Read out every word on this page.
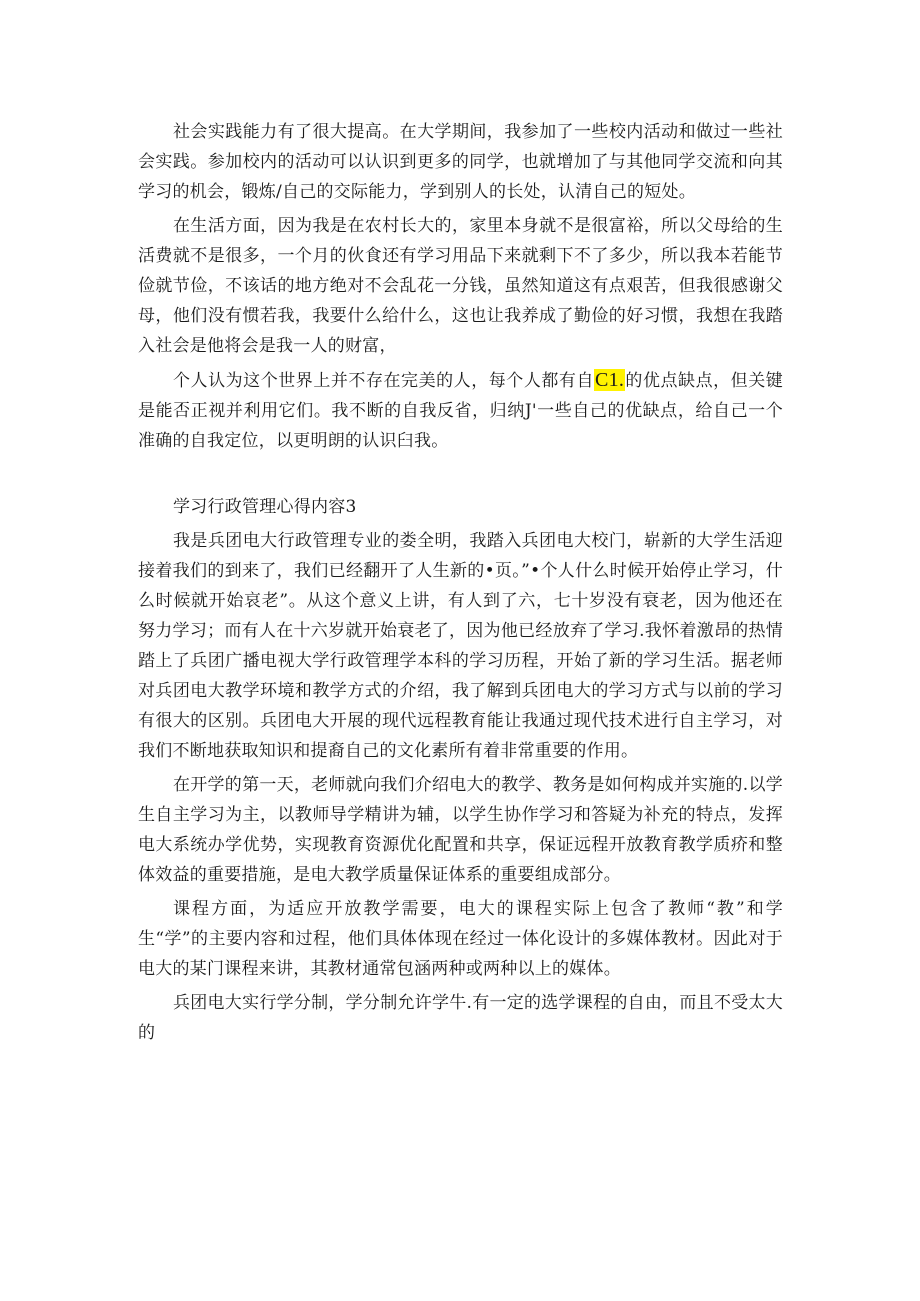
社会实践能力有了很大提高。在大学期间，我参加了一些校内活动和做过一些社会实践。参加校内的活动可以认识到更多的同学，也就增加了与其他同学交流和向其学习的机会，锻炼/自己的交际能力，学到别人的长处，认清自己的短处。

在生活方面，因为我是在农村长大的，家里本身就不是很富裕，所以父母给的生活费就不是很多，一个月的伙食还有学习用品下来就剩下不了多少，所以我本若能节俭就节俭，不该话的地方绝对不会乱花一分钱，虽然知道这有点艰苦，但我很感谢父母，他们没有惯若我，我要什么给什么，这也让我养成了勤俭的好习惯，我想在我踏入社会是他将会是我一人的财富，

个人认为这个世界上并不存在完美的人，每个人都有自C1.的优点缺点，但关键是能否正视并利用它们。我不断的自我反省，归纳J'一些自己的优缺点，给自己一个准确的自我定位，以更明朗的认识臼我。

学习行政管理心得内容3

我是兵团电大行政管理专业的娄全明，我踏入兵团电大校门，崭新的大学生活迎接着我们的到来了，我们已经翻开了人生新的•页。”•个人什么时候开始停止学习，什么时候就开始哀老”。从这个意义上讲，有人到了六，七十岁没有衰老，因为他还在努力学习；而有人在十六岁就开始衰老了，因为他已经放弃了学习.我怀着激昂的热情踏上了兵团广播电视大学行政管理学本科的学习历程，开始了新的学习生活。据老师对兵团电大教学环境和教学方式的介绍，我了解到兵团电大的学习方式与以前的学习有很大的区别。兵团电大开展的现代远程教育能让我通过现代技术进行自主学习，对我们不断地获取知识和提裔自己的文化素所有着非常重要的作用。

在开学的第一天，老师就向我们介绍电大的教学、教务是如何构成并实施的.以学生自主学习为主，以教师导学精讲为辅，以学生协作学习和答疑为补充的特点，发挥电大系统办学优势，实现教育资源优化配置和共享，保证远程开放教育教学质疥和整体效益的重要措施，是电大教学质量保证体系的重要组成部分。

课程方面，为适应开放教学需要，电大的课程实际上包含了教师“教”和学生“学”的主要内容和过程，他们具体体现在经过一体化设计的多媒体教材。因此对于电大的某门课程来讲，其教材通常包涵两种或两种以上的媒体。

兵团电大实行学分制，学分制允许学牛.有一定的选学课程的自由，而且不受太大的
